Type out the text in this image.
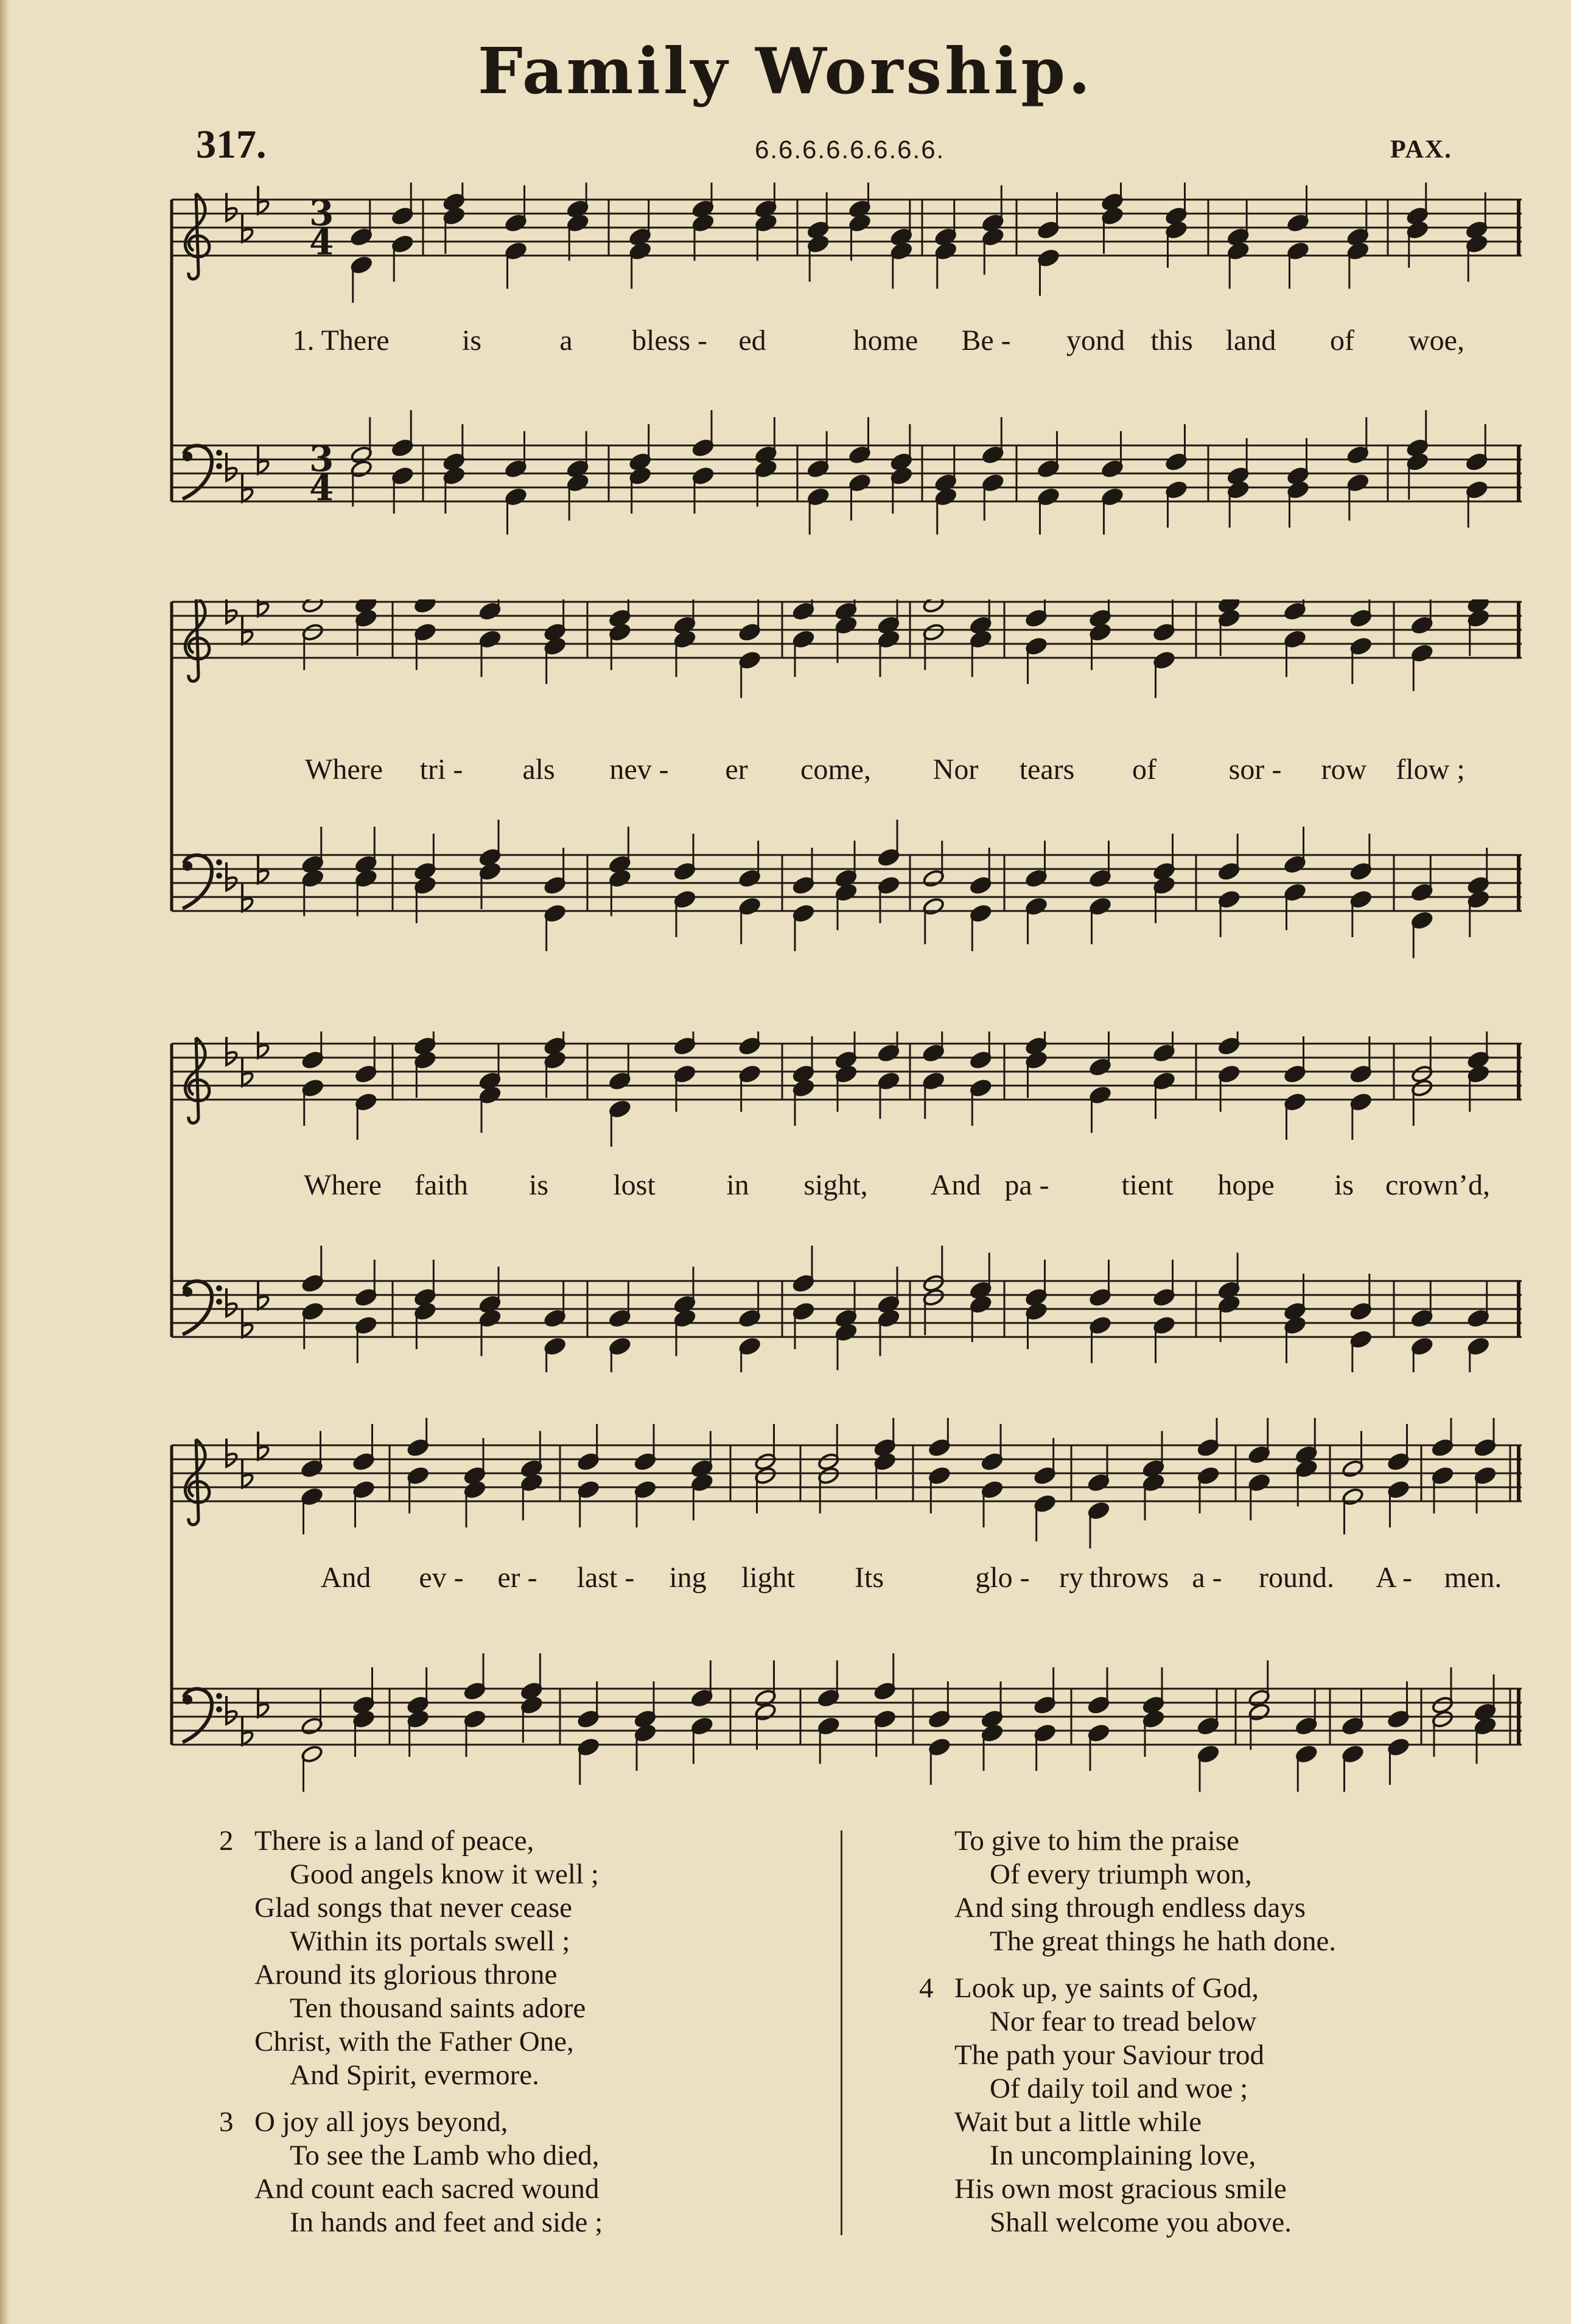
Family Worship.
317.	6.6.6.6.6.6.6.6.	PAX.
3
4
3
4
1. There is	a bless - ed	home Be - yond this land of woe,
Where tri - als nev - er come, Nor tears of sor - row flow ;
Where faith is lost in sight, And pa - tient hope is crown’d,
And ev - er - last - ing light Its	glo - ry throws a - round. A - men.
2 There is a land of peace,
Good angels know it well ;
Glad songs that never cease
Within its portals swell ;
Around its glorious throne
Ten thousand saints adore
Christ, with the Father One,
And Spirit, evermore.
3 O joy all joys beyond,
To see the Lamb who died,
And count each sacred wound
In hands and feet and side ;
To give to him the praise
Of every triumph won,
And sing through endless days
The great things he hath done.
4 Look up, ye saints of God,
Nor fear to tread below
The path your Saviour trod
Of daily toil and woe ;
Wait but a little while
In uncomplaining love,
His own most gracious smile
Shall welcome you above.
